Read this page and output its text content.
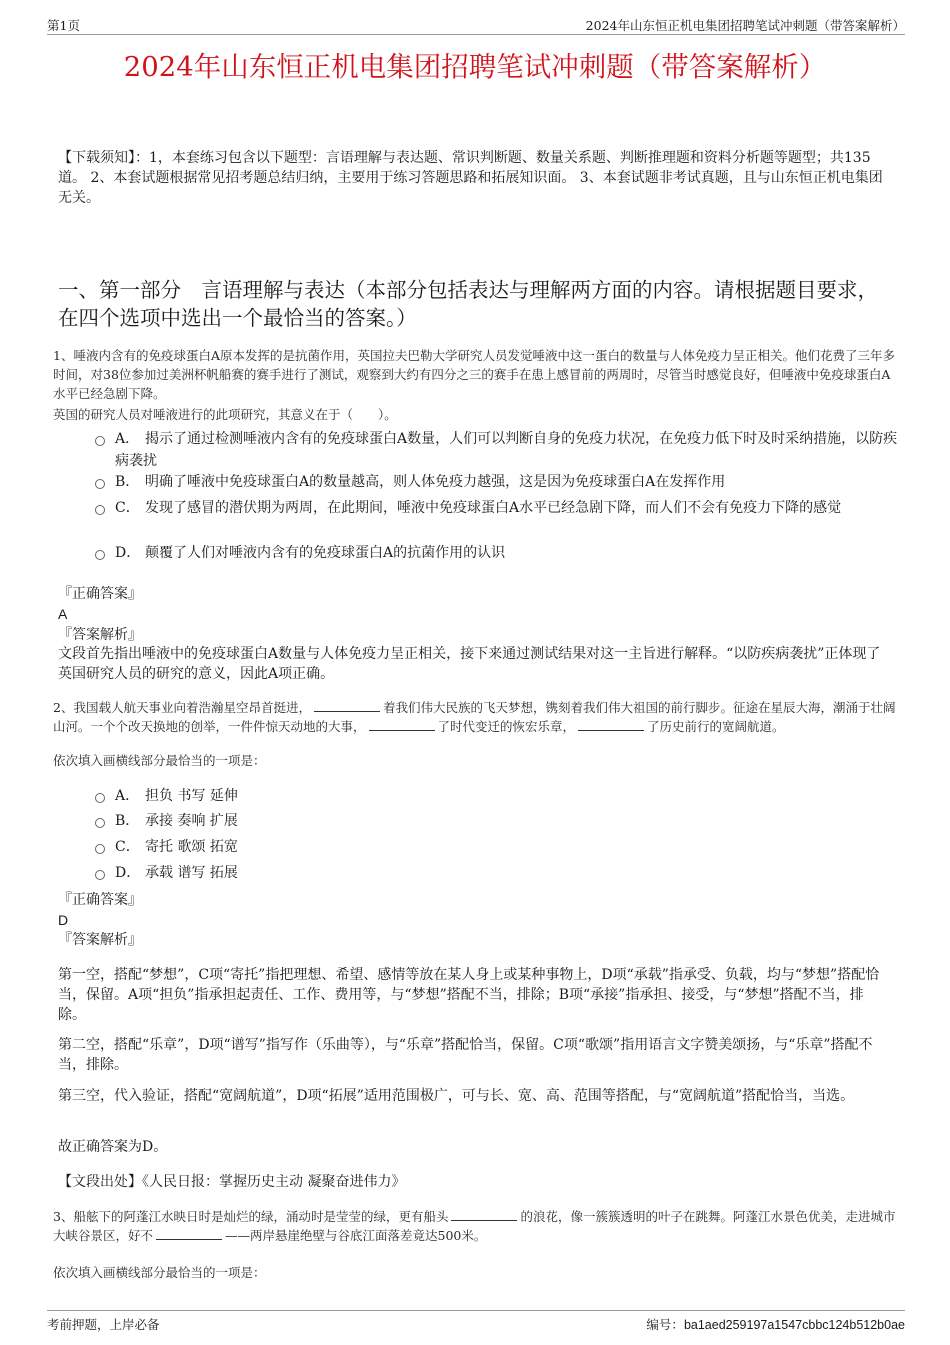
第1页	2024年山东恒正机电集团招聘笔试冲刺题（带答案解析）
2024年山东恒正机电集团招聘笔试冲刺题（带答案解析）
【下载须知】：1，本套练习包含以下题型：言语理解与表达题、常识判断题、数量关系题、判断推理题和资料分析题等题型；共135道。 2、本套试题根据常见招考题总结归纳，主要用于练习答题思路和拓展知识面。 3、本套试题非考试真题，且与山东恒正机电集团无关。
一、第一部分　言语理解与表达（本部分包括表达与理解两方面的内容。请根据题目要求，在四个选项中选出一个最恰当的答案。）
1、唾液内含有的免疫球蛋白A原本发挥的是抗菌作用，英国拉夫巴勒大学研究人员发觉唾液中这一蛋白的数量与人体免疫力呈正相关。他们花费了三年多时间，对38位参加过美洲杯帆船赛的赛手进行了测试，观察到大约有四分之三的赛手在患上感冒前的两周时，尽管当时感觉良好，但唾液中免疫球蛋白A水平已经急剧下降。
英国的研究人员对唾液进行的此项研究，其意义在于（　　）。
A． 揭示了通过检测唾液内含有的免疫球蛋白A数量，人们可以判断自身的免疫力状况，在免疫力低下时及时采纳措施，以防疾病袭扰
B． 明确了唾液中免疫球蛋白A的数量越高，则人体免疫力越强，这是因为免疫球蛋白A在发挥作用
C． 发现了感冒的潜伏期为两周，在此期间，唾液中免疫球蛋白A水平已经急剧下降，而人们不会有免疫力下降的感觉
D． 颠覆了人们对唾液内含有的免疫球蛋白A的抗菌作用的认识
『正确答案』
A
『答案解析』
文段首先指出唾液中的免疫球蛋白A数量与人体免疫力呈正相关，接下来通过测试结果对这一主旨进行解释。“以防疾病袭扰”正体现了英国研究人员的研究的意义，因此A项正确。
2、我国载人航天事业向着浩瀚星空昂首挺进，	着我们伟大民族的飞天梦想，镌刻着我们伟大祖国的前行脚步。征途在星辰大海，潮涌于壮阔山河。一个个改天换地的创举，一件件惊天动地的大事，	了时代变迁的恢宏乐章，	了历史前行的宽阔航道。
依次填入画横线部分最恰当的一项是：
A． 担负 书写 延伸
B． 承接 奏响 扩展
C． 寄托 歌颂 拓宽
D． 承载 谱写 拓展
『正确答案』
D
『答案解析』
第一空，搭配“梦想”，C项“寄托”指把理想、希望、感情等放在某人身上或某种事物上，D项“承载”指承受、负载，均与“梦想”搭配恰当，保留。A项“担负”指承担起责任、工作、费用等，与“梦想”搭配不当，排除；B项“承接”指承担、接受，与“梦想”搭配不当，排除。
第二空，搭配“乐章”，D项“谱写”指写作（乐曲等），与“乐章”搭配恰当，保留。C项“歌颂”指用语言文字赞美颂扬，与“乐章”搭配不当，排除。
第三空，代入验证，搭配“宽阔航道”，D项“拓展”适用范围极广，可与长、宽、高、范围等搭配，与“宽阔航道”搭配恰当，当选。
故正确答案为D。
【文段出处】《人民日报：掌握历史主动 凝聚奋进伟力》
3、船舷下的阿蓬江水映日时是灿烂的绿，涌动时是莹莹的绿，更有船头	的浪花，像一簇簇透明的叶子在跳舞。阿蓬江水景色优美，走进城市大峡谷景区，好不	——两岸悬崖绝壁与谷底江面落差竟达500米。
依次填入画横线部分最恰当的一项是：
考前押题，上岸必备	编号：ba1aed259197a1547cbbc124b512b0ae
